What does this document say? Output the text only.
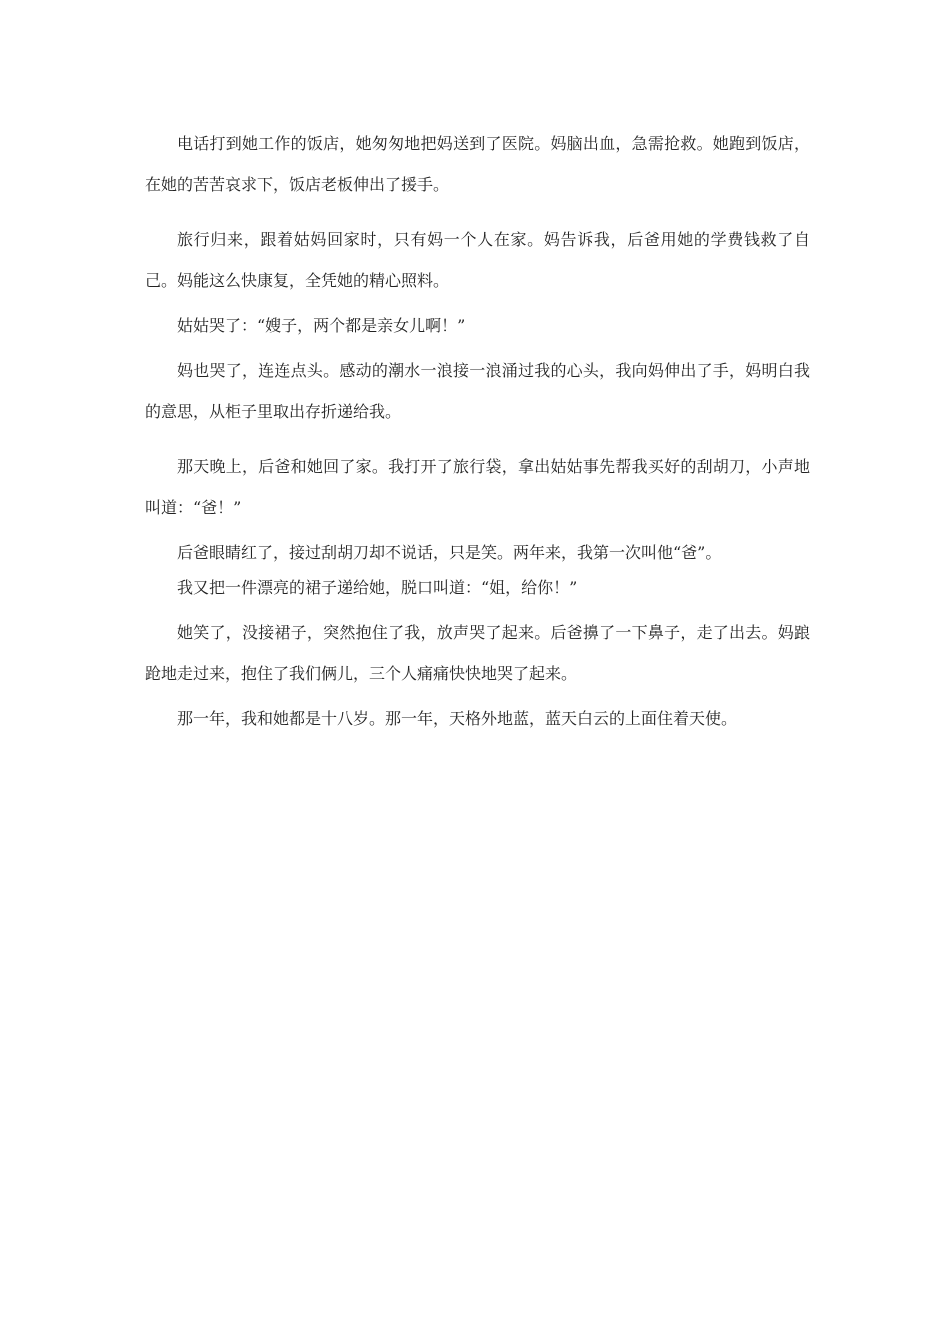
电话打到她工作的饭店，她匆匆地把妈送到了医院。妈脑出血，急需抢救。她跑到饭店，在她的苦苦哀求下，饭店老板伸出了援手。

旅行归来，跟着姑妈回家时，只有妈一个人在家。妈告诉我，后爸用她的学费钱救了自己。妈能这么快康复，全凭她的精心照料。

姑姑哭了：“嫂子，两个都是亲女儿啊！”

妈也哭了，连连点头。感动的潮水一浪接一浪涌过我的心头，我向妈伸出了手，妈明白我的意思，从柜子里取出存折递给我。

那天晚上，后爸和她回了家。我打开了旅行袋，拿出姑姑事先帮我买好的刮胡刀，小声地叫道：“爸！”

后爸眼睛红了，接过刮胡刀却不说话，只是笑。两年来，我第一次叫他“爸”。

我又把一件漂亮的裙子递给她，脱口叫道：“姐，给你！”

她笑了，没接裙子，突然抱住了我，放声哭了起来。后爸擤了一下鼻子，走了出去。妈踉跄地走过来，抱住了我们俩儿，三个人痛痛快快地哭了起来。

那一年，我和她都是十八岁。那一年，天格外地蓝，蓝天白云的上面住着天使。
